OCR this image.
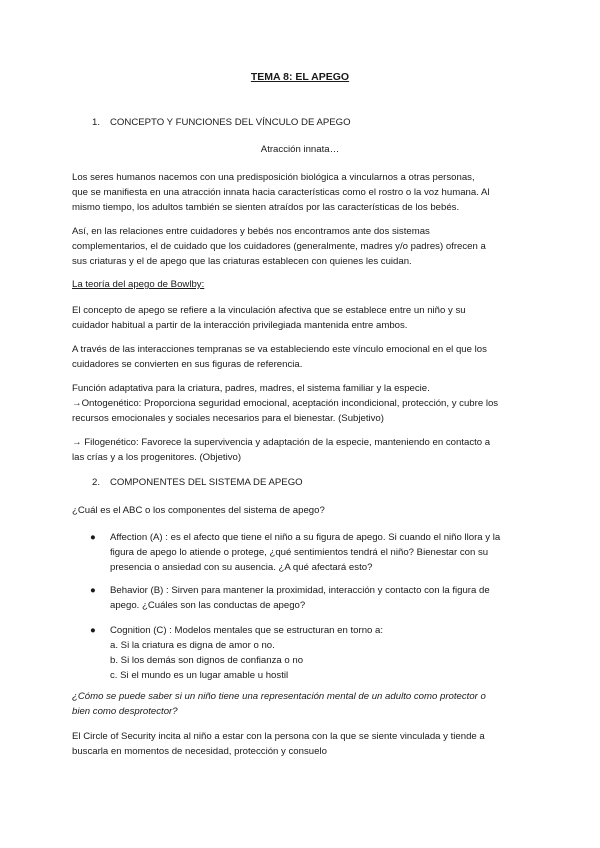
TEMA 8: EL APEGO

1. CONCEPTO Y FUNCIONES DEL VÍNCULO DE APEGO

Atracción innata…

Los seres humanos nacemos con una predisposición biológica a vincularnos a otras personas,

que se manifiesta en una atracción innata hacia características como el rostro o la voz humana. Al

mismo tiempo, los adultos también se sienten atraídos por las características de los bebés.

Así, en las relaciones entre cuidadores y bebés nos encontramos ante dos sistemas

complementarios, el de cuidado que los cuidadores (generalmente, madres y/o padres) ofrecen a

sus criaturas y el de apego que las criaturas establecen con quienes les cuidan.

La teoría del apego de Bowlby:

El concepto de apego se refiere a la vinculación afectiva que se establece entre un niño y su

cuidador habitual a partir de la interacción privilegiada mantenida entre ambos.

A través de las interacciones tempranas se va estableciendo este vínculo emocional en el que los

cuidadores se convierten en sus figuras de referencia.

Función adaptativa para la criatura, padres, madres, el sistema familiar y la especie.

→Ontogenético: Proporciona seguridad emocional, aceptación incondicional, protección, y cubre los

recursos emocionales y sociales necesarios para el bienestar. (Subjetivo)

→ Filogenético: Favorece la supervivencia y adaptación de la especie, manteniendo en contacto a

las crías y a los progenitores. (Objetivo)

2. COMPONENTES DEL SISTEMA DE APEGO

¿Cuál es el ABC o los componentes del sistema de apego?

● Affection (A) : es el afecto que tiene el niño a su figura de apego. Si cuando el niño llora y la

figura de apego lo atiende o protege, ¿qué sentimientos tendrá el niño? Bienestar con su

presencia o ansiedad con su ausencia. ¿A qué afectará esto?

● Behavior (B) : Sirven para mantener la proximidad, interacción y contacto con la figura de

apego. ¿Cuáles son las conductas de apego?

● Cognition (C) : Modelos mentales que se estructuran en torno a:

a. Si la criatura es digna de amor o no.

b. Si los demás son dignos de confianza o no

c. Si el mundo es un lugar amable u hostil

¿Cómo se puede saber si un niño tiene una representación mental de un adulto como protector o

bien como desprotector?

El Circle of Security incita al niño a estar con la persona con la que se siente vinculada y tiende a

buscarla en momentos de necesidad, protección y consuelo
